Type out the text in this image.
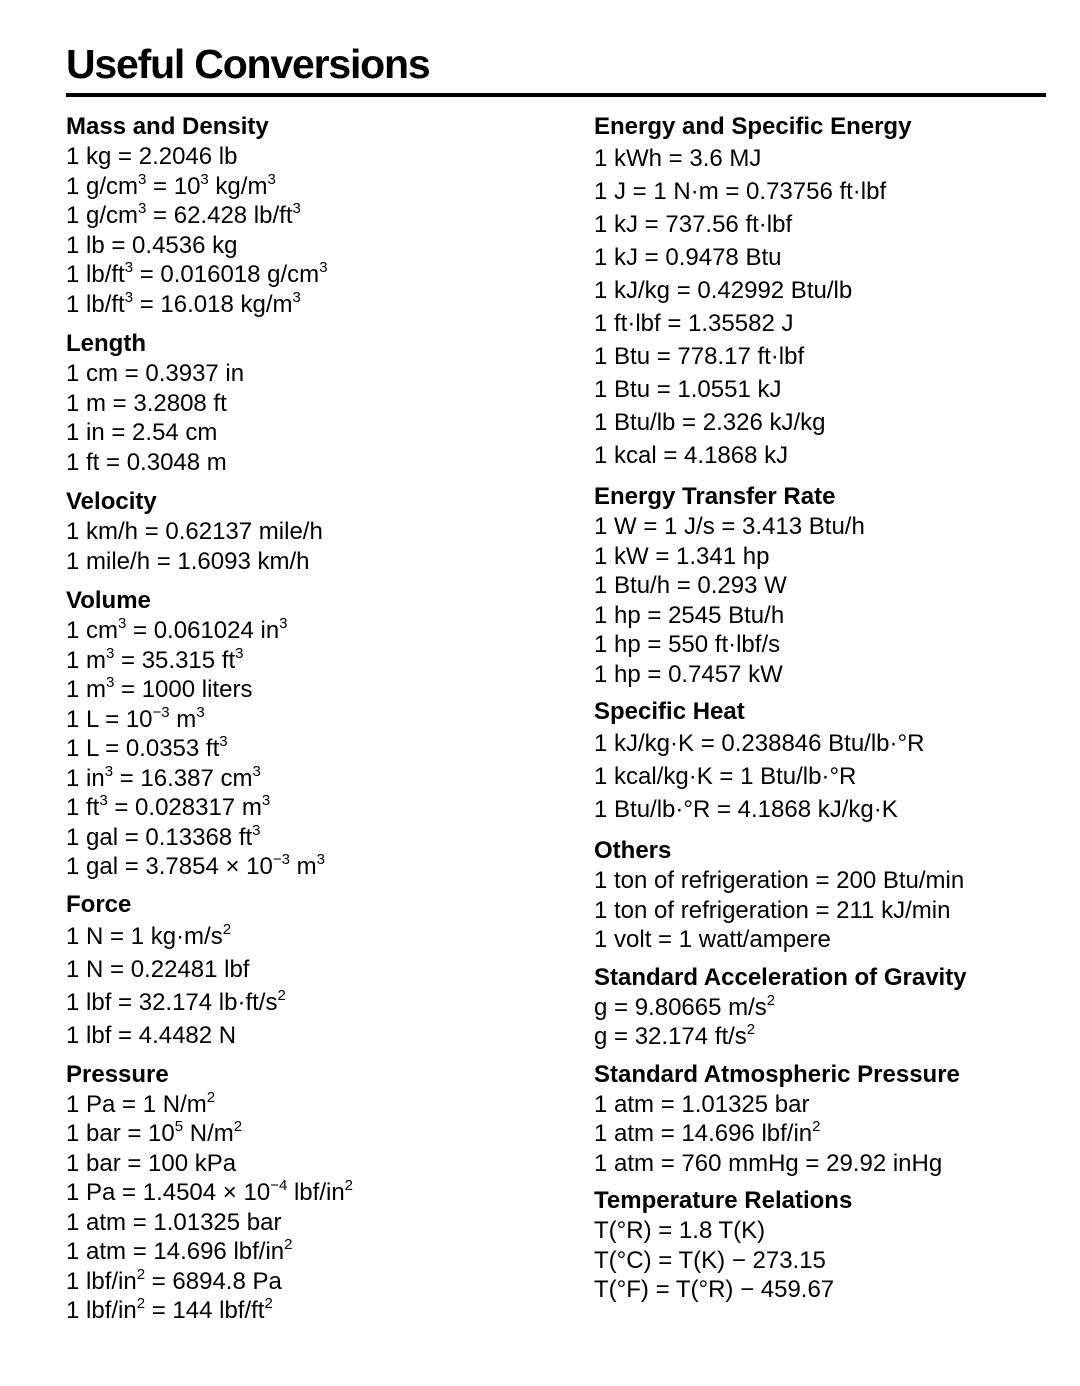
Useful Conversions
Mass and Density
1 kg = 2.2046 lb
1 $g/cm^3 = 10^3$ $kg/m^3$
1 $g/cm^3 = 62.428$ $lb/ft^3$
1 lb = 0.4536 kg
1 $lb/ft^3 = 0.016018$ $g/cm^3$
1 $lb/ft^3 = 16.018$ $kg/m^3$
Length
1 cm = 0.3937 in
1 m = 3.2808 ft
1 in = 2.54 cm
1 ft = 0.3048 m
Velocity
1 km/h = 0.62137 mile/h
1 mile/h = 1.6093 km/h
Volume
1 $cm^3 = 0.061024$ $in^3$
1 $m^3 = 35.315$ $ft^3$
1 $m^3 = 1000$ liters
1 $L = 10^{-3}$ $m^3$
1 L = 0.0353 $ft^3$
1 $in^3 = 16.387$ $cm^3$
1 $ft^3 = 0.028317$ $m^3$
1 gal = 0.13368 $ft^3$
1 gal = $3.7854 \times 10^{-3}$ $m^3$
Force
1 N = 1 $kg\cdot m/s^2$
1 N = 0.22481 lbf
1 lbf = 32.174 $lb\cdot ft/s^2$
1 lbf = 4.4482 N
Pressure
1 Pa = 1 $N/m^2$
1 bar = $10^5$ $N/m^2$
1 bar = 100 kPa
1 $Pa = 1.4504 \times 10^{-4}$ lbf/$in^2$
1 atm = 1.01325 bar
1 atm = 14.696 lbf/$in^2$
1 lbf/$in^2 = 6894.8$ Pa
1 lbf/$in^2 = 144$ lbf/$ft^2$
Energy and Specific Energy
1 kWh = 3.6 MJ
1 J = 1 N·m = 0.73756 ft·lbf
1 kJ = 737.56 ft·lbf
1 kJ = 0.9478 Btu
1 kJ/kg = 0.42992 Btu/lb
1 ft·lbf = 1.35582 J
1 Btu = 778.17 ft·lbf
1 Btu = 1.0551 kJ
1 Btu/lb = 2.326 kJ/kg
1 kcal = 4.1868 kJ
Energy Transfer Rate
1 W = 1 J/s = 3.413 Btu/h
1 kW = 1.341 hp
1 Btu/h = 0.293 W
1 hp = 2545 Btu/h
1 hp = 550 ft·lbf/s
1 hp = 0.7457 kW
Specific Heat
1 kJ/kg·K = 0.238846 Btu/lb·°R
1 kcal/kg·K = 1 Btu/lb·°R
1 Btu/lb·°R = 4.1868 kJ/kg·K
Others
1 ton of refrigeration = 200 Btu/min
1 ton of refrigeration = 211 kJ/min
1 volt = 1 watt/ampere
Standard Acceleration of Gravity
g = 9.80665 $m/s^2$
g = 32.174 $ft/s^2$
Standard Atmospheric Pressure
1 atm = 1.01325 bar
1 atm = 14.696 lbf/$in^2$
1 atm = 760 mmHg = 29.92 inHg
Temperature Relations
T(°R) = 1.8 T(K)
T(°C) = T(K) − 273.15
T(°F) = T(°R) − 459.67
